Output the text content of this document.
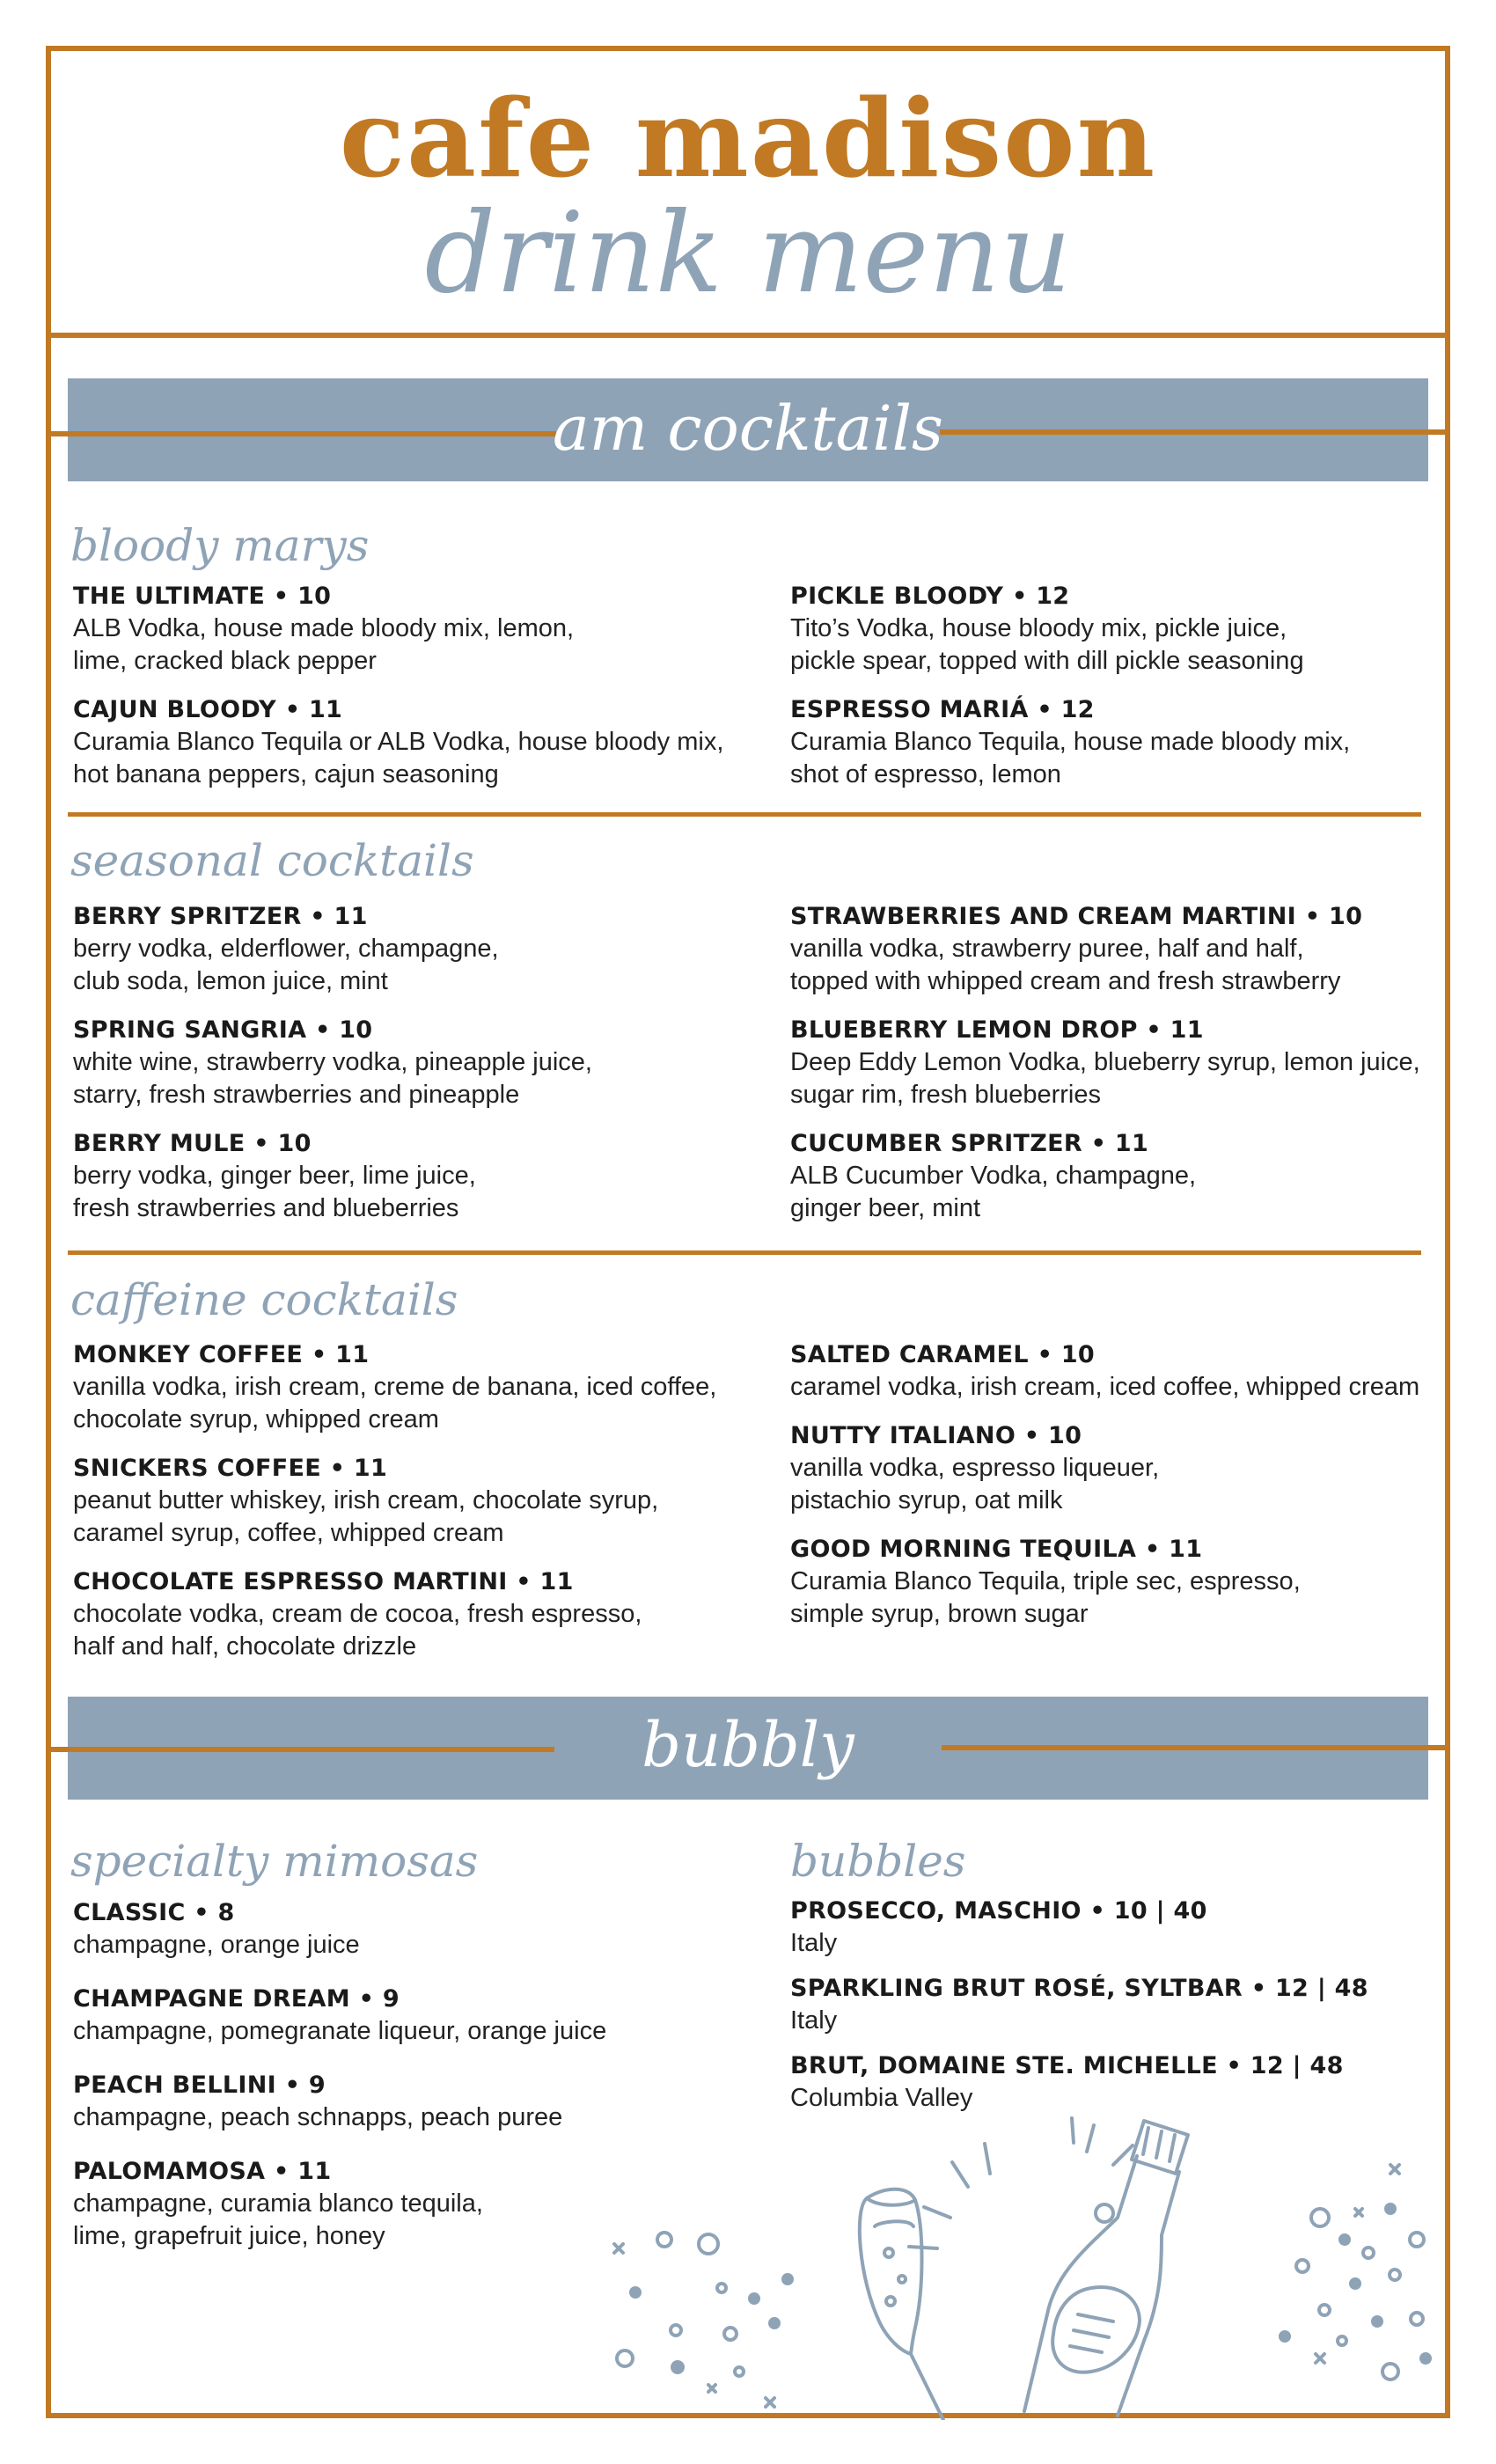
cafe madison
drink menu
am cocktails
bloody marys
THE ULTIMATE • 10
ALB Vodka, house made bloody mix, lemon,
lime, cracked black pepper
CAJUN BLOODY • 11
Curamia Blanco Tequila or ALB Vodka, house bloody mix,
hot banana peppers, cajun seasoning
PICKLE BLOODY • 12
Tito’s Vodka, house bloody mix, pickle juice,
pickle spear, topped with dill pickle seasoning
ESPRESSO MARIÁ • 12
Curamia Blanco Tequila, house made bloody mix,
shot of espresso, lemon
seasonal cocktails
BERRY SPRITZER • 11
berry vodka, elderflower, champagne,
club soda, lemon juice, mint
SPRING SANGRIA • 10
white wine, strawberry vodka, pineapple juice,
starry, fresh strawberries and pineapple
BERRY MULE • 10
berry vodka, ginger beer, lime juice,
fresh strawberries and blueberries
STRAWBERRIES AND CREAM MARTINI • 10
vanilla vodka, strawberry puree, half and half,
topped with whipped cream and fresh strawberry
BLUEBERRY LEMON DROP • 11
Deep Eddy Lemon Vodka, blueberry syrup, lemon juice,
sugar rim, fresh blueberries
CUCUMBER SPRITZER • 11
ALB Cucumber Vodka, champagne,
ginger beer, mint
caffeine cocktails
MONKEY COFFEE • 11
vanilla vodka, irish cream, creme de banana, iced coffee,
chocolate syrup, whipped cream
SNICKERS COFFEE • 11
peanut butter whiskey, irish cream, chocolate syrup,
caramel syrup, coffee, whipped cream
CHOCOLATE ESPRESSO MARTINI • 11
chocolate vodka, cream de cocoa, fresh espresso,
half and half, chocolate drizzle
SALTED CARAMEL • 10
caramel vodka, irish cream, iced coffee, whipped cream
NUTTY ITALIANO • 10
vanilla vodka, espresso liqueuer,
pistachio syrup, oat milk
GOOD MORNING TEQUILA • 11
Curamia Blanco Tequila, triple sec, espresso,
simple syrup, brown sugar
bubbly
specialty mimosas
CLASSIC • 8
champagne, orange juice
CHAMPAGNE DREAM • 9
champagne, pomegranate liqueur, orange juice
PEACH BELLINI • 9
champagne, peach schnapps, peach puree
PALOMAMOSA • 11
champagne, curamia blanco tequila,
lime, grapefruit juice, honey
bubbles
PROSECCO, MASCHIO • 10 | 40
Italy
SPARKLING BRUT ROSÉ, SYLTBAR • 12 | 48
Italy
BRUT, DOMAINE STE. MICHELLE • 12 | 48
Columbia Valley
